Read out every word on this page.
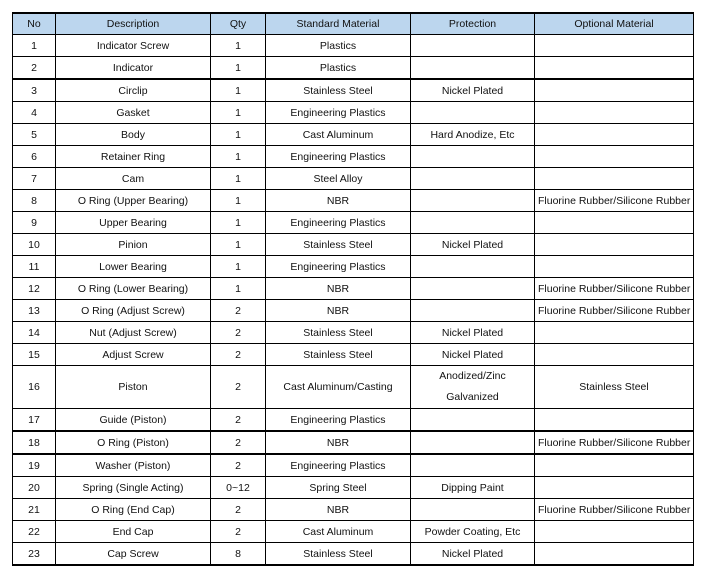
No	Description	Qty	Standard Material	Protection	Optional Material
1	Indicator Screw	1	Plastics		
2	Indicator	1	Plastics		
3	Circlip	1	Stainless Steel	Nickel Plated	
4	Gasket	1	Engineering Plastics		
5	Body	1	Cast Aluminum	Hard Anodize, Etc	
6	Retainer Ring	1	Engineering Plastics		
7	Cam	1	Steel Alloy		
8	O Ring (Upper Bearing)	1	NBR		Fluorine Rubber/Silicone Rubber
9	Upper Bearing	1	Engineering Plastics		
10	Pinion	1	Stainless Steel	Nickel Plated	
11	Lower Bearing	1	Engineering Plastics		
12	O Ring (Lower Bearing)	1	NBR		Fluorine Rubber/Silicone Rubber
13	O Ring (Adjust Screw)	2	NBR		Fluorine Rubber/Silicone Rubber
14	Nut (Adjust Screw)	2	Stainless Steel	Nickel Plated	
15	Adjust Screw	2	Stainless Steel	Nickel Plated	
16	Piston	2	Cast Aluminum/Casting	Anodized/Zinc Galvanized	Stainless Steel
17	Guide (Piston)	2	Engineering Plastics		
18	O Ring (Piston)	2	NBR		Fluorine Rubber/Silicone Rubber
19	Washer (Piston)	2	Engineering Plastics		
20	Spring (Single Acting)	0~12	Spring Steel	Dipping Paint	
21	O Ring (End Cap)	2	NBR		Fluorine Rubber/Silicone Rubber
22	End Cap	2	Cast Aluminum	Powder Coating, Etc	
23	Cap Screw	8	Stainless Steel	Nickel Plated	
